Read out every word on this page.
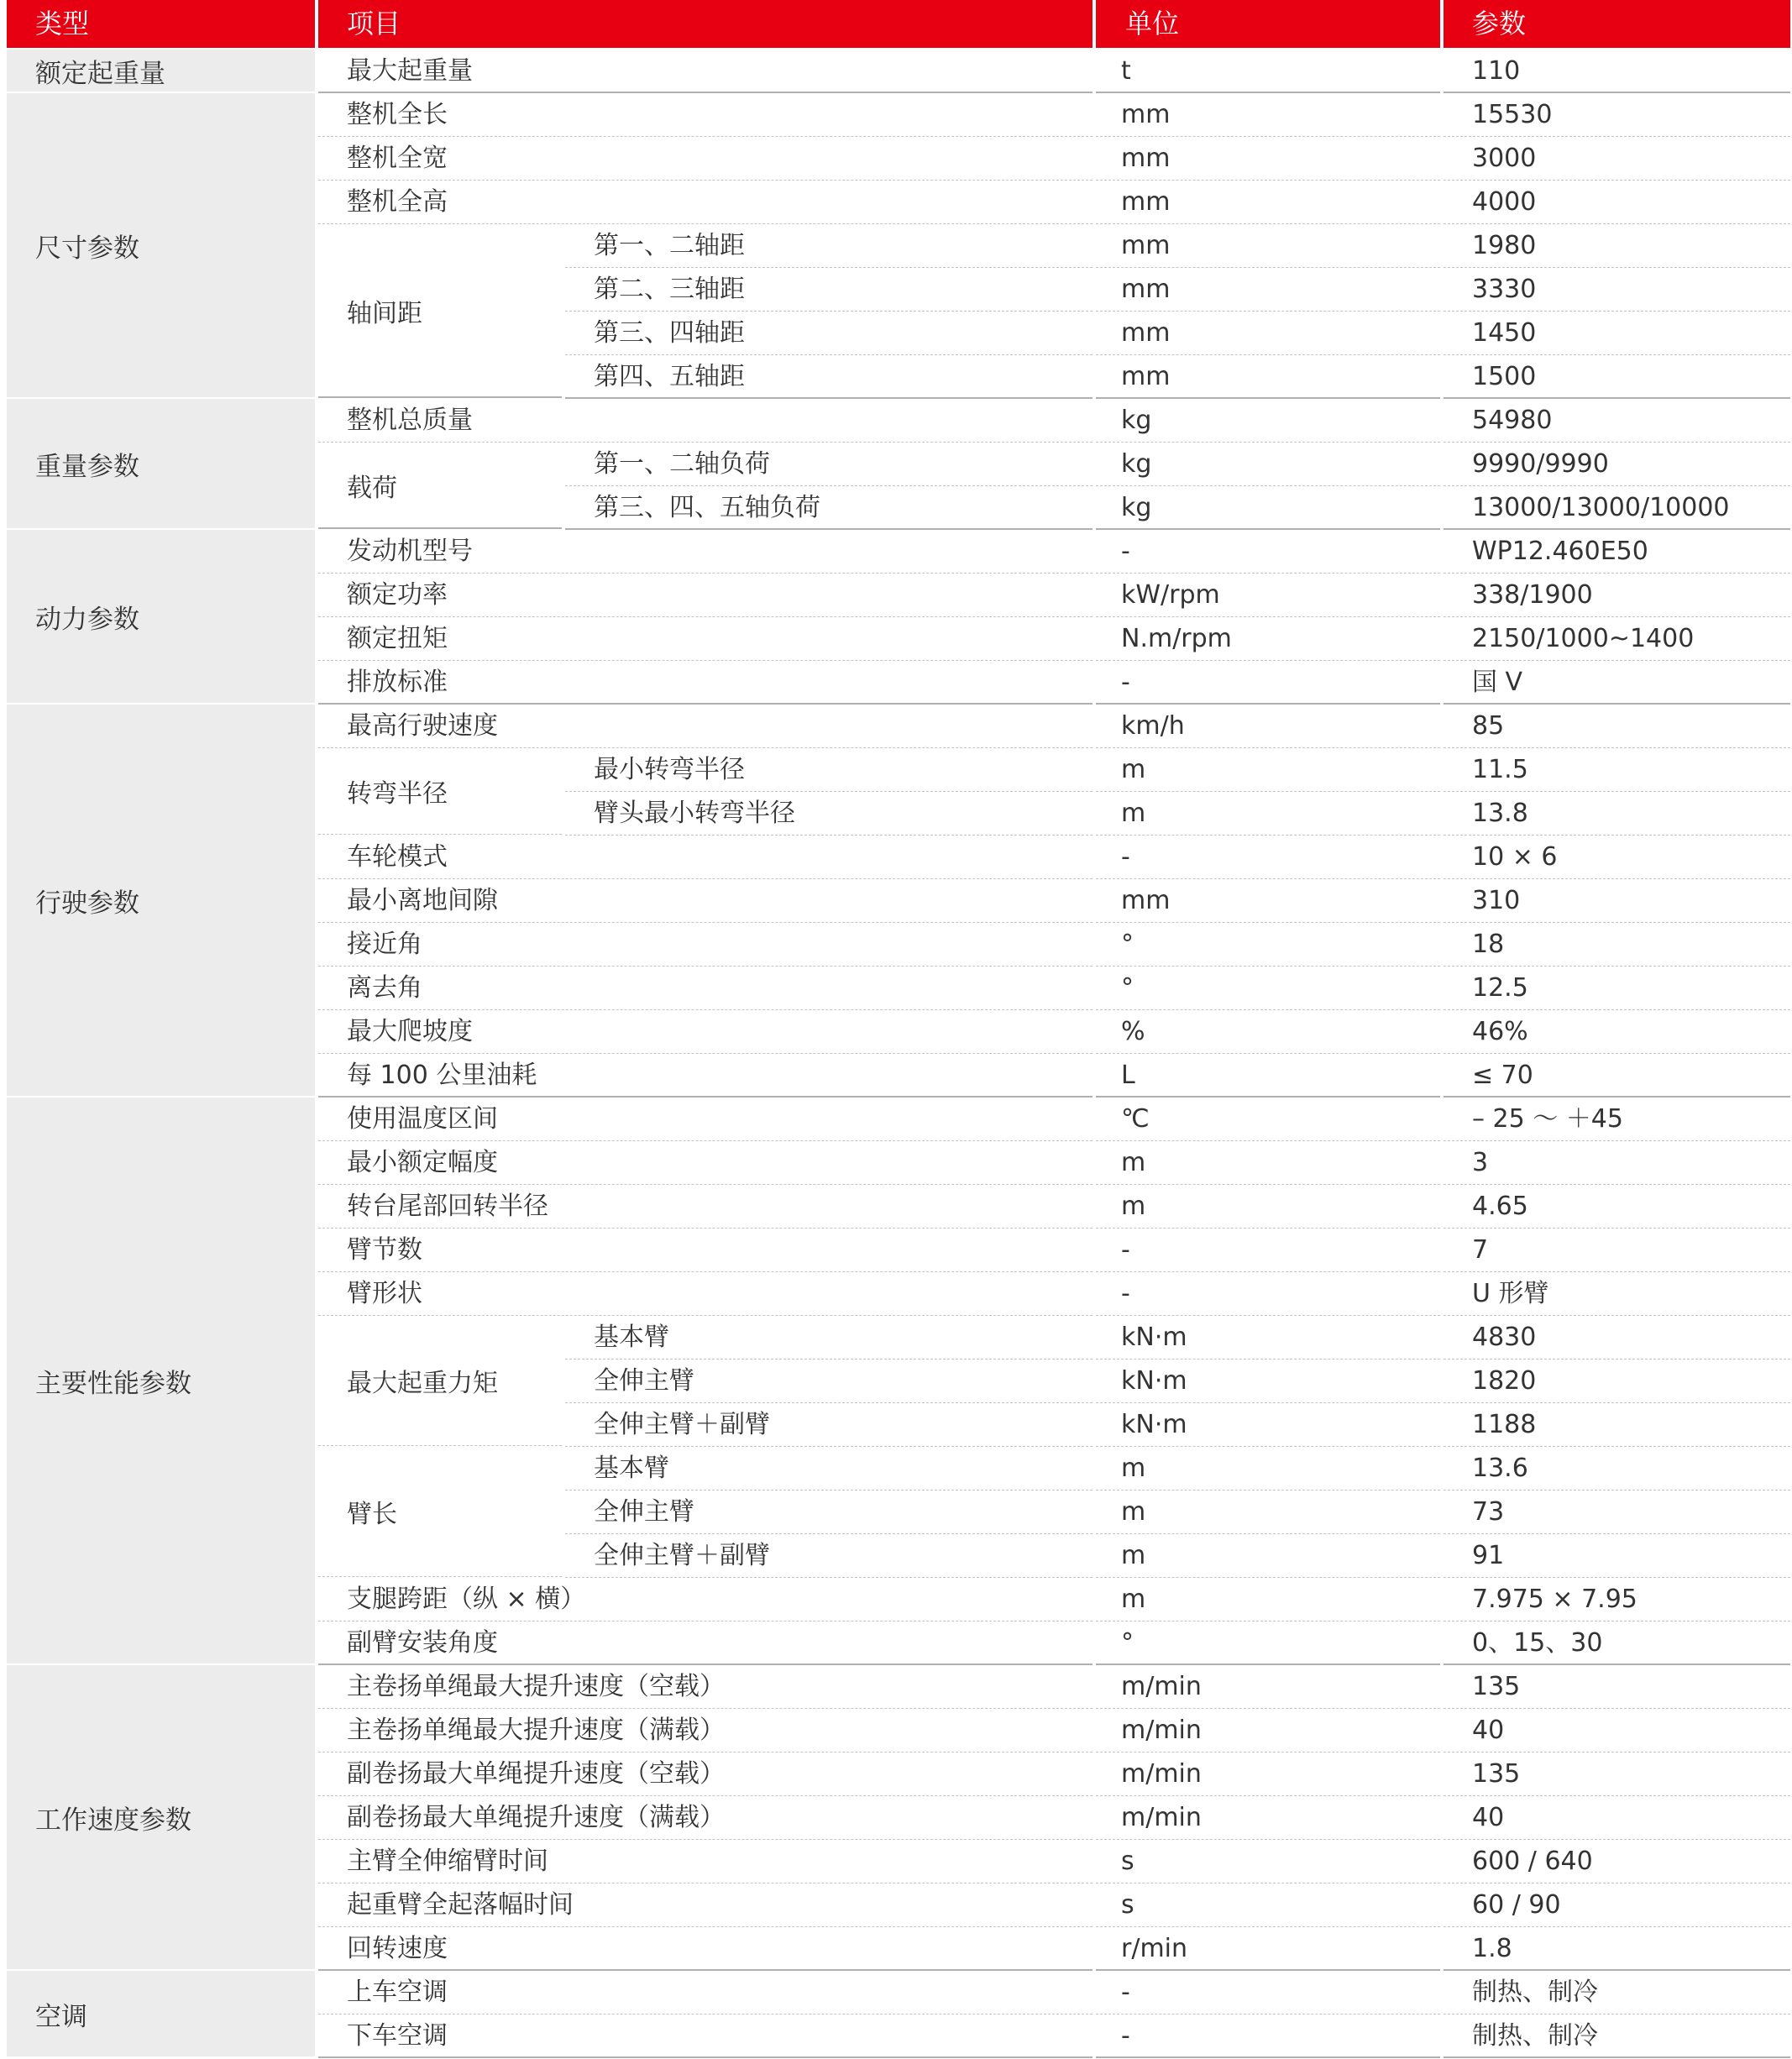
类型	项目	单位	参数
额定起重量	最大起重量	t	110
尺寸参数
整机全长	mm	15530
整机全宽	mm	3000
整机全高	mm	4000
轴间距
第一、二轴距	mm	1980
第二、三轴距	mm	3330
第三、四轴距	mm	1450
第四、五轴距	mm	1500
重量参数
整机总质量	kg	54980
载荷
第一、二轴负荷	kg	9990/9990
第三、四、五轴负荷	kg	13000/13000/10000
动力参数
发动机型号	-	WP12.460E50
额定功率	kW/rpm	338/1900
额定扭矩	N.m/rpm	2150/1000~1400
排放标准	-	国 V
行驶参数
最高行驶速度	km/h	85
转弯半径
最小转弯半径	m	11.5
臂头最小转弯半径	m	13.8
车轮模式	-	10 × 6
最小离地间隙	mm	310
接近角	°	18
离去角	°	12.5
最大爬坡度	%	46%
每 100 公里油耗	L	≤ 70
主要性能参数
使用温度区间	℃	– 25 ～ ＋45
最小额定幅度	m	3
转台尾部回转半径	m	4.65
臂节数	-	7
臂形状	-	U 形臂
最大起重力矩
基本臂	kN·m	4830
全伸主臂	kN·m	1820
全伸主臂＋副臂	kN·m	1188
臂长
基本臂	m	13.6
全伸主臂	m	73
全伸主臂＋副臂	m	91
支腿跨距（纵 × 横）	m	7.975 × 7.95
副臂安装角度	°	0、15、30
工作速度参数
主卷扬单绳最大提升速度（空载）	m/min	135
主卷扬单绳最大提升速度（满载）	m/min	40
副卷扬最大单绳提升速度（空载）	m/min	135
副卷扬最大单绳提升速度（满载）	m/min	40
主臂全伸缩臂时间	s	600 / 640
起重臂全起落幅时间	s	60 / 90
回转速度	r/min	1.8
空调
上车空调	-	制热、制冷
下车空调	-	制热、制冷
